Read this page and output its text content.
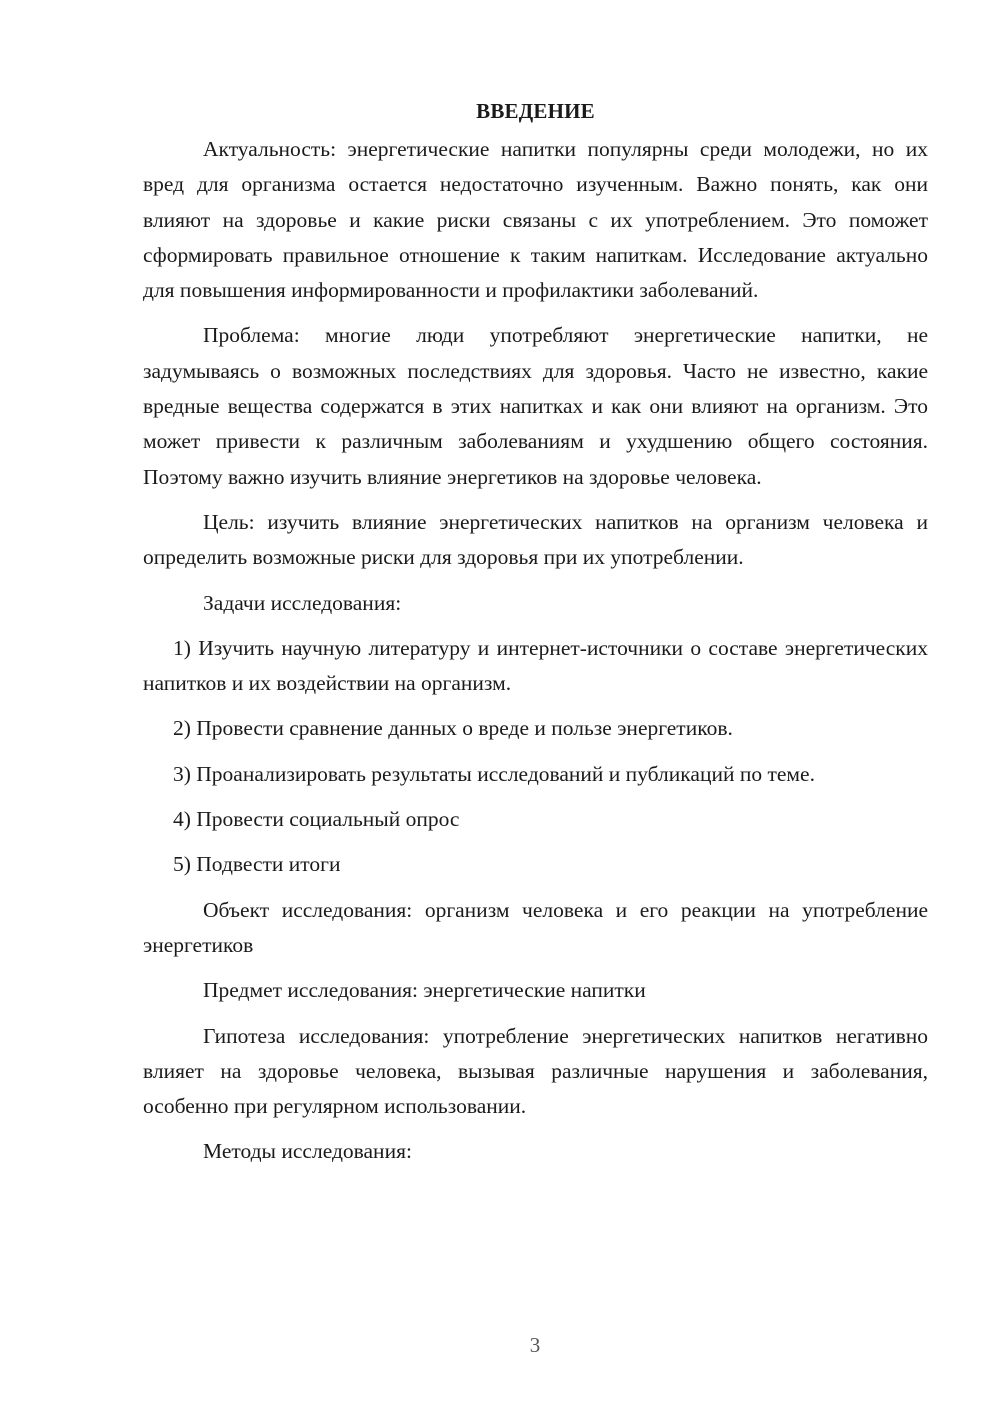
ВВЕДЕНИЕ

Актуальность: энергетические напитки популярны среди молодежи, но их вред для организма остается недостаточно изученным. Важно понять, как они влияют на здоровье и какие риски связаны с их употреблением. Это поможет сформировать правильное отношение к таким напиткам. Исследование актуально для повышения информированности и профилактики заболеваний.

Проблема: многие люди употребляют энергетические напитки, не задумываясь о возможных последствиях для здоровья. Часто не известно, какие вредные вещества содержатся в этих напитках и как они влияют на организм. Это может привести к различным заболеваниям и ухудшению общего состояния. Поэтому важно изучить влияние энергетиков на здоровье человека.

Цель: изучить влияние энергетических напитков на организм человека и определить возможные риски для здоровья при их употреблении.

Задачи исследования:

1) Изучить научную литературу и интернет-источники о составе энергетических напитков и их воздействии на организм.

2) Провести сравнение данных о вреде и пользе энергетиков.

3) Проанализировать результаты исследований и публикаций по теме.

4) Провести социальный опрос

5) Подвести итоги

Объект исследования: организм человека и его реакции на употребление энергетиков

Предмет исследования: энергетические напитки

Гипотеза исследования: употребление энергетических напитков негативно влияет на здоровье человека, вызывая различные нарушения и заболевания, особенно при регулярном использовании.

Методы исследования:

3
